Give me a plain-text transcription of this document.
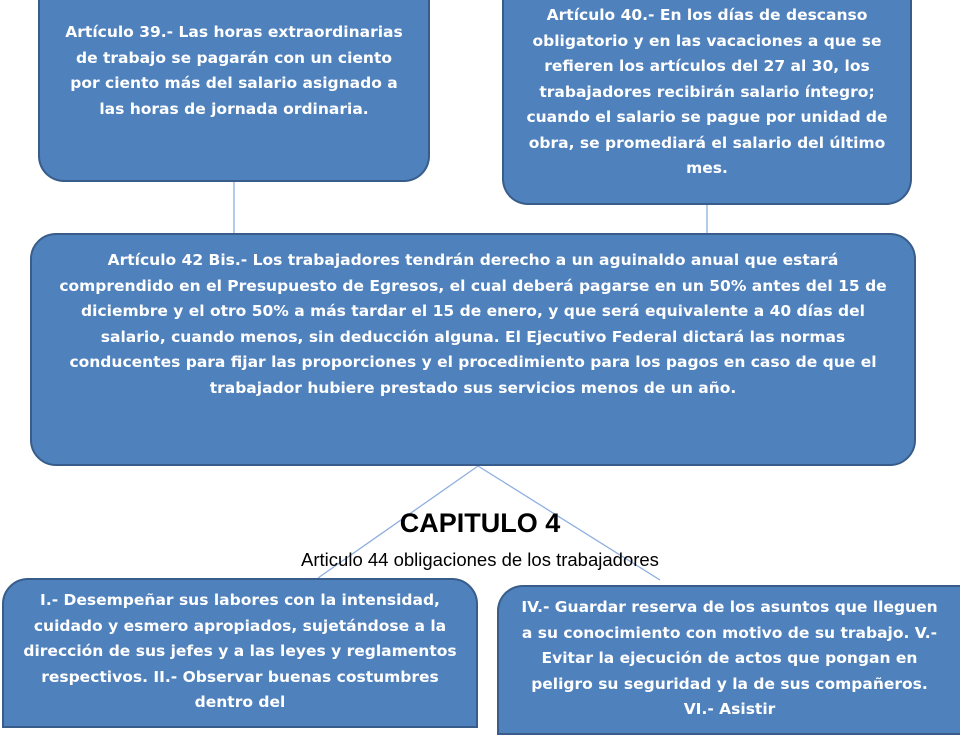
Artículo 39.- Las horas extraordinarias de trabajo se pagarán con un ciento por ciento más del salario asignado a las horas de jornada ordinaria.
Artículo 40.- En los días de descanso obligatorio y en las vacaciones a que se refieren los artículos del 27 al 30, los trabajadores recibirán salario íntegro; cuando el salario se pague por unidad de obra, se promediará el salario del último mes.
Artículo 42 Bis.- Los trabajadores tendrán derecho a un aguinaldo anual que estará comprendido en el Presupuesto de Egresos, el cual deberá pagarse en un 50% antes del 15 de diciembre y el otro 50% a más tardar el 15 de enero, y que será equivalente a 40 días del salario, cuando menos, sin deducción alguna. El Ejecutivo Federal dictará las normas conducentes para fijar las proporciones y el procedimiento para los pagos en caso de que el trabajador hubiere prestado sus servicios menos de un año.
CAPITULO 4
Articulo 44 obligaciones de los trabajadores
I.- Desempeñar sus labores con la intensidad, cuidado y esmero apropiados, sujetándose a la dirección de sus jefes y a las leyes y reglamentos respectivos. II.- Observar buenas costumbres dentro del
IV.- Guardar reserva de los asuntos que lleguen a su conocimiento con motivo de su trabajo. V.- Evitar la ejecución de actos que pongan en peligro su seguridad y la de sus compañeros. VI.- Asistir
